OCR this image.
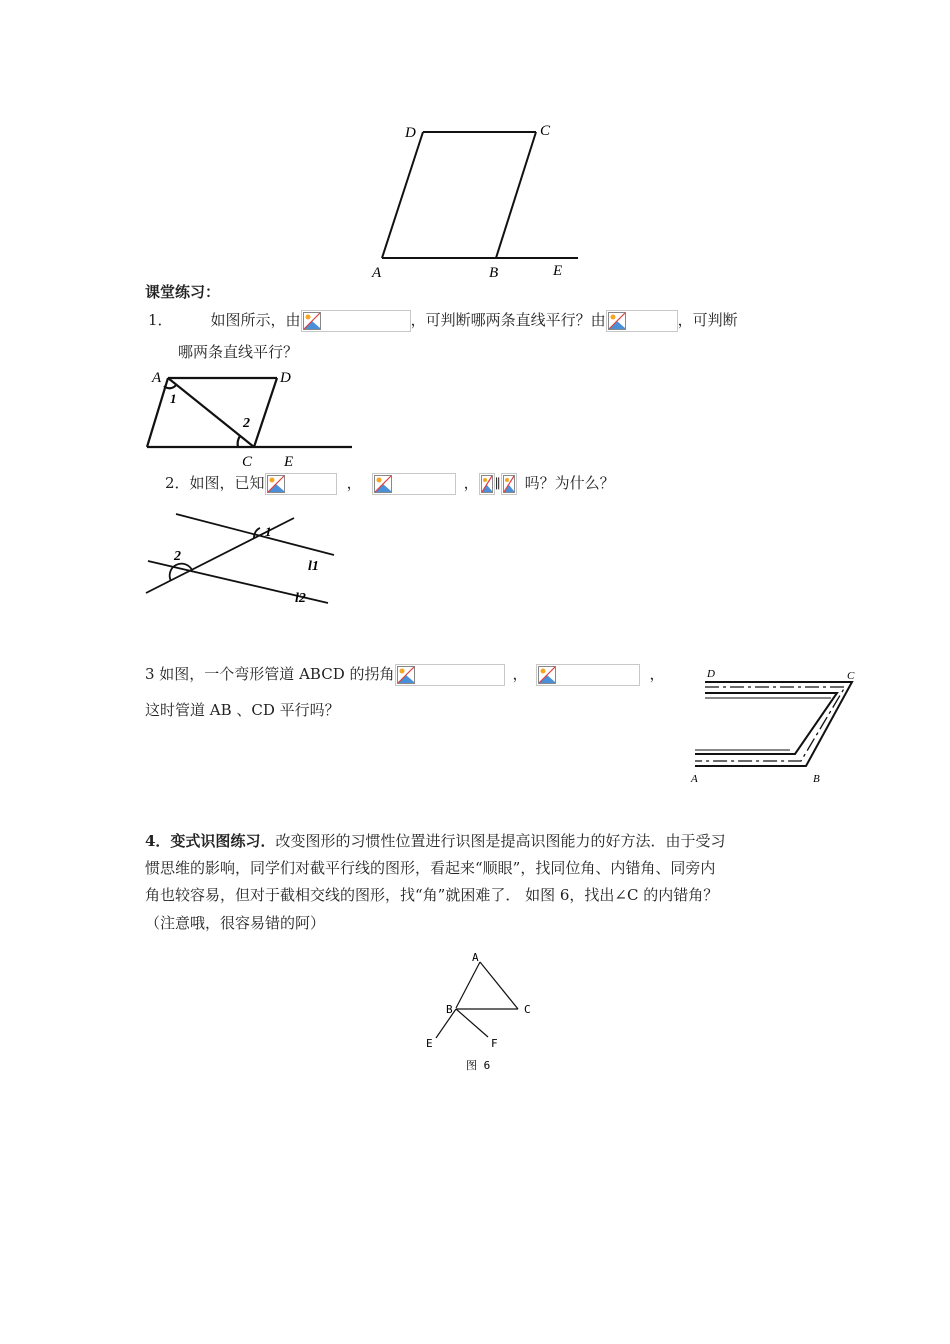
D	C
A	B	E
课堂练习：
1．	如图所示，由	，可判断哪两条直线平行？由	，可判断
哪两条直线平行？
A	D
1
2
C E
2．如图，已知	，	， ∥ 吗？为什么？
1
2
l1
l2
3 如图，一个弯形管道 ABCD 的拐角	，	，
这时管道 AB 、CD 平行吗？
D	C
A	B
4．变式识图练习．改变图形的习惯性位置进行识图是提高识图能力的好方法．由于受习
惯思维的影响，同学们对截平行线的图形，看起来“顺眼”，找同位角、内错角、同旁内
角也较容易，但对于截相交线的图形，找“角”就困难了． 如图 6，找出∠C 的内错角？
（注意哦，很容易错的阿）
A
B	C
E	F
图 6
